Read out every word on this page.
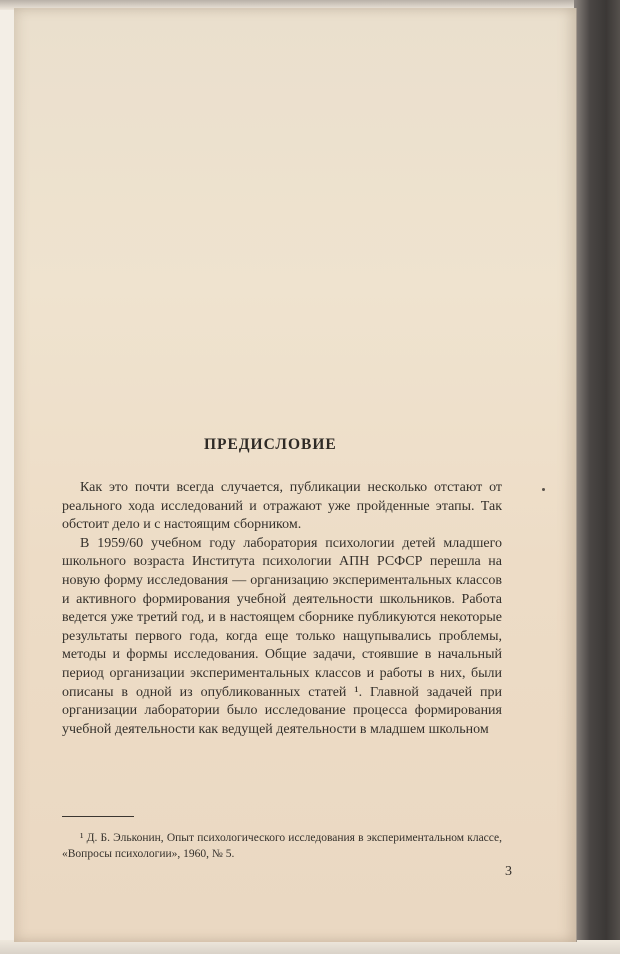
ПРЕДИСЛОВИЕ

Как это почти всегда случается, публикации несколько отстают от реального хода исследований и отражают уже пройденные этапы. Так обстоит дело и с настоящим сборником.

В 1959/60 учебном году лаборатория психологии детей младшего школьного возраста Института психологии АПН РСФСР перешла на новую форму исследования — организацию экспериментальных классов и активного формирования учебной деятельности школьников. Работа ведется уже третий год, и в настоящем сборнике публикуются некоторые результаты первого года, когда еще только нащупывались проблемы, методы и формы исследования. Общие задачи, стоявшие в начальный период организации экспериментальных классов и работы в них, были описаны в одной из опубликованных статей ¹. Главной задачей при организации лаборатории было исследование процесса формирования учебной деятельности как ведущей деятельности в младшем школьном

¹ Д. Б. Эльконин, Опыт психологического исследования в экспериментальном классе, «Вопросы психологии», 1960, № 5.
3
